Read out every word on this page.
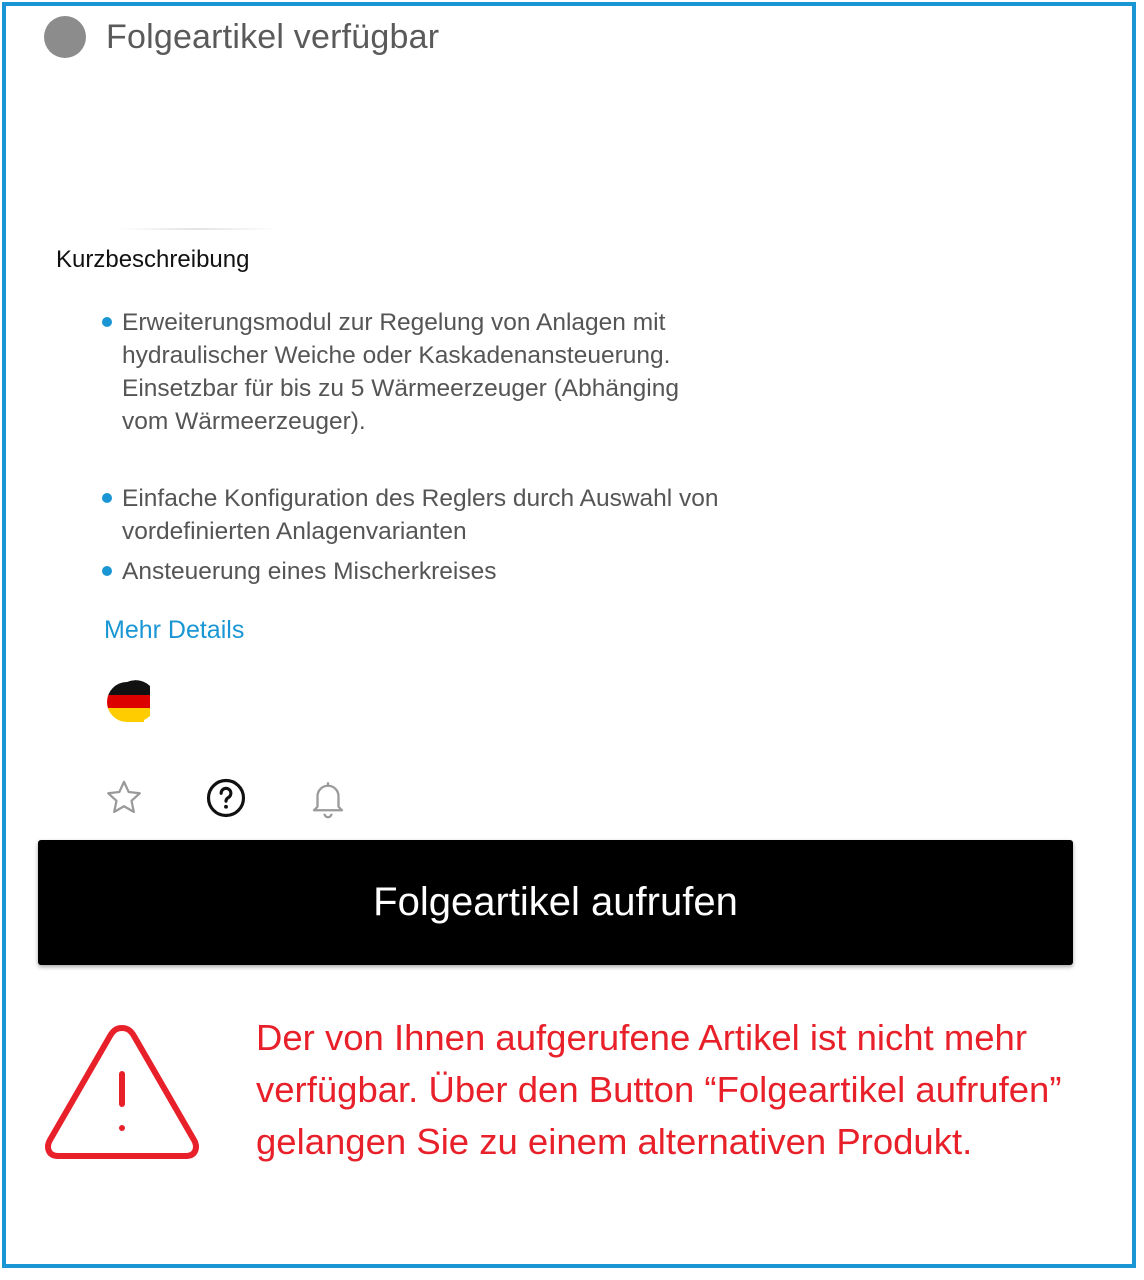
Folgeartikel verfügbar
Kurzbeschreibung
Erweiterungsmodul zur Regelung von Anlagen mit hydraulischer Weiche oder Kaskadenansteuerung. Einsetzbar für bis zu 5 Wärmeerzeuger (Abhänging vom Wärmeerzeuger).
Einfache Konfiguration des Reglers durch Auswahl von vordefinierten Anlagenvarianten
Ansteuerung eines Mischerkreises
Mehr Details
Folgeartikel aufrufen
Der von Ihnen aufgerufene Artikel ist nicht mehr verfügbar. Über den Button “Folgeartikel aufrufen” gelangen Sie zu einem alternativen Produkt.
